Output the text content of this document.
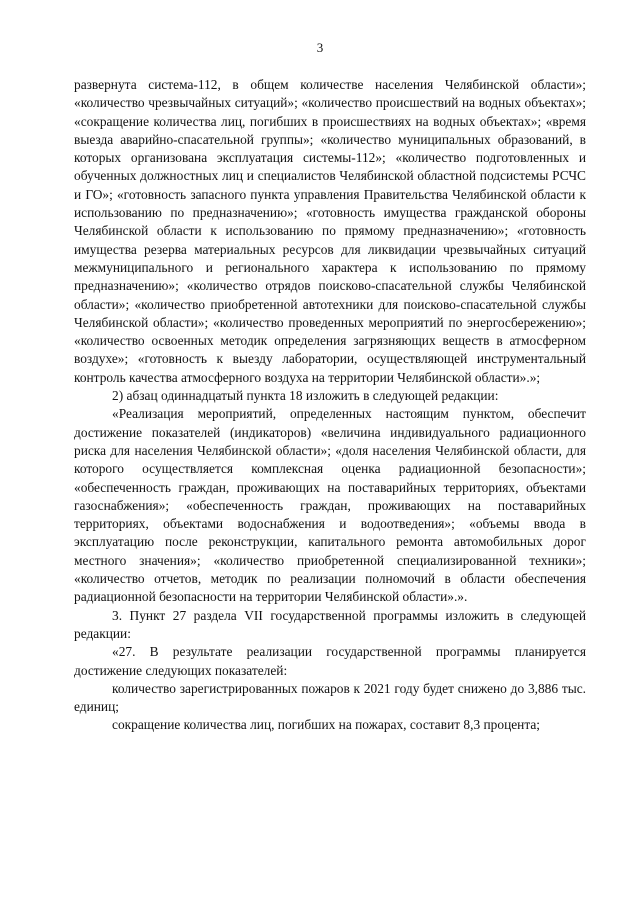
3

развернута система-112, в общем количестве населения Челябинской области»; «количество чрезвычайных ситуаций»; «количество происшествий на водных объектах»; «сокращение количества лиц, погибших в происшествиях на водных объектах»; «время выезда аварийно-спасательной группы»; «количество муниципальных образований, в которых организована эксплуатация системы-112»; «количество подготовленных и обученных должностных лиц и специалистов Челябинской областной подсистемы РСЧС и ГО»; «готовность запасного пункта управления Правительства Челябинской области к использованию по предназначению»; «готовность имущества гражданской обороны Челябинской области к использованию по прямому предназначению»; «готовность имущества резерва материальных ресурсов для ликвидации чрезвычайных ситуаций межмуниципального и регионального характера к использованию по прямому предназначению»; «количество отрядов поисково-спасательной службы Челябинской области»; «количество приобретенной автотехники для поисково-спасательной службы Челябинской области»; «количество проведенных мероприятий по энергосбережению»; «количество освоенных методик определения загрязняющих веществ в атмосферном воздухе»; «готовность к выезду лаборатории, осуществляющей инструментальный контроль качества атмосферного воздуха на территории Челябинской области».»;

2) абзац одиннадцатый пункта 18 изложить в следующей редакции:

«Реализация мероприятий, определенных настоящим пунктом, обеспечит достижение показателей (индикаторов) «величина индивидуального радиационного риска для населения Челябинской области»; «доля населения Челябинской области, для которого осуществляется комплексная оценка радиационной безопасности»; «обеспеченность граждан, проживающих на поставарийных территориях, объектами газоснабжения»; «обеспеченность граждан, проживающих на поставарийных территориях, объектами водоснабжения и водоотведения»; «объемы ввода в эксплуатацию после реконструкции, капитального ремонта автомобильных дорог местного значения»; «количество приобретенной специализированной техники»; «количество отчетов, методик по реализации полномочий в области обеспечения радиационной безопасности на территории Челябинской области».».

3. Пункт 27 раздела VII государственной программы изложить в следующей редакции:

«27. В результате реализации государственной программы планируется достижение следующих показателей:

количество зарегистрированных пожаров к 2021 году будет снижено до 3,886 тыс. единиц;

сокращение количества лиц, погибших на пожарах, составит 8,3 процента;
